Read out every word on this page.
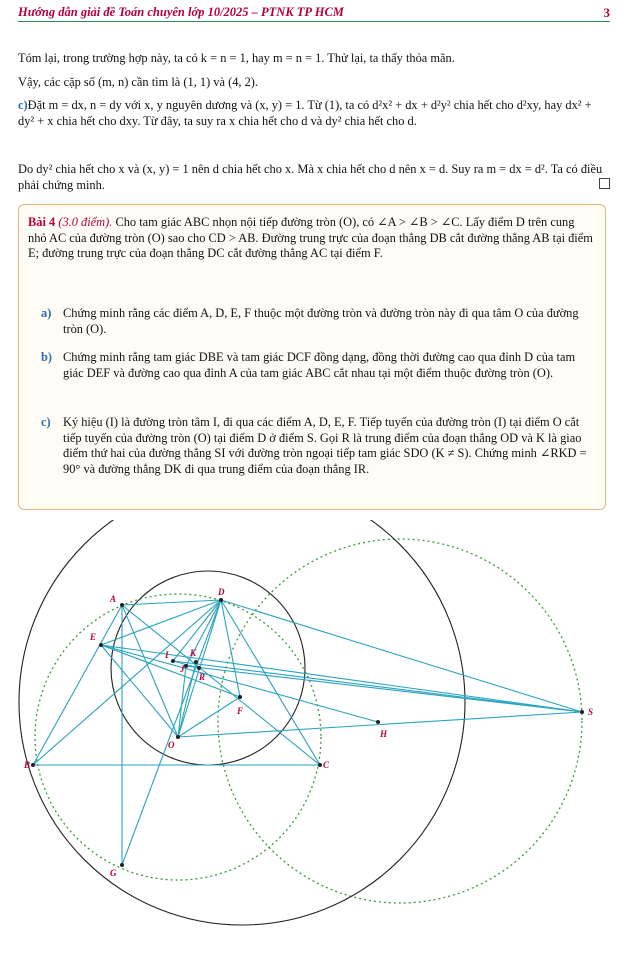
Hướng dẫn giải đề Toán chuyên lớp 10/2025 – PTNK TP HCM	3

Tóm lại, trong trường hợp này, ta có k = n = 1, hay m = n = 1. Thử lại, ta thấy thỏa mãn.

Vậy, các cặp số (m, n) cần tìm là (1, 1) và (4, 2).

c)Đặt m = dx, n = dy với x, y nguyên dương và (x, y) = 1. Từ (1), ta có d²x² + dx + d²y² chia hết cho d²xy, hay dx² + dy² + x chia hết cho dxy. Từ đây, ta suy ra x chia hết cho d và dy² chia hết cho d.

Do dy² chia hết cho x và (x, y) = 1 nên d chia hết cho x. Mà x chia hết cho d nên x = d. Suy ra m = dx = d². Ta có điều phải chứng minh.

Bài 4 (3.0 điểm). Cho tam giác ABC nhọn nội tiếp đường tròn (O), có ∠A > ∠B > ∠C. Lấy điểm D trên cung nhỏ AC của đường tròn (O) sao cho CD > AB. Đường trung trực của đoạn thẳng DB cắt đường thẳng AB tại điểm E; đường trung trực của đoạn thẳng DC cắt đường thẳng AC tại điểm F.

a) Chứng minh rằng các điểm A, D, E, F thuộc một đường tròn và đường tròn này đi qua tâm O của đường tròn (O).

b) Chứng minh rằng tam giác DBE và tam giác DCF đồng dạng, đồng thời đường cao qua đỉnh D của tam giác DEF và đường cao qua đỉnh A của tam giác ABC cắt nhau tại một điểm thuộc đường tròn (O).

c) Ký hiệu (I) là đường tròn tâm I, đi qua các điểm A, D, E, F. Tiếp tuyến của đường tròn (I) tại điểm O cắt tiếp tuyến của đường tròn (O) tại điểm D ở điểm S. Gọi R là trung điểm của đoạn thẳng OD và K là giao điểm thứ hai của đường thẳng SI với đường tròn ngoại tiếp tam giác SDO (K ≠ S). Chứng minh ∠RKD = 90° và đường thẳng DK đi qua trung điểm của đoạn thẳng IR.

A
D
E
I K
J
R
F	S
H
O
B	C
G
